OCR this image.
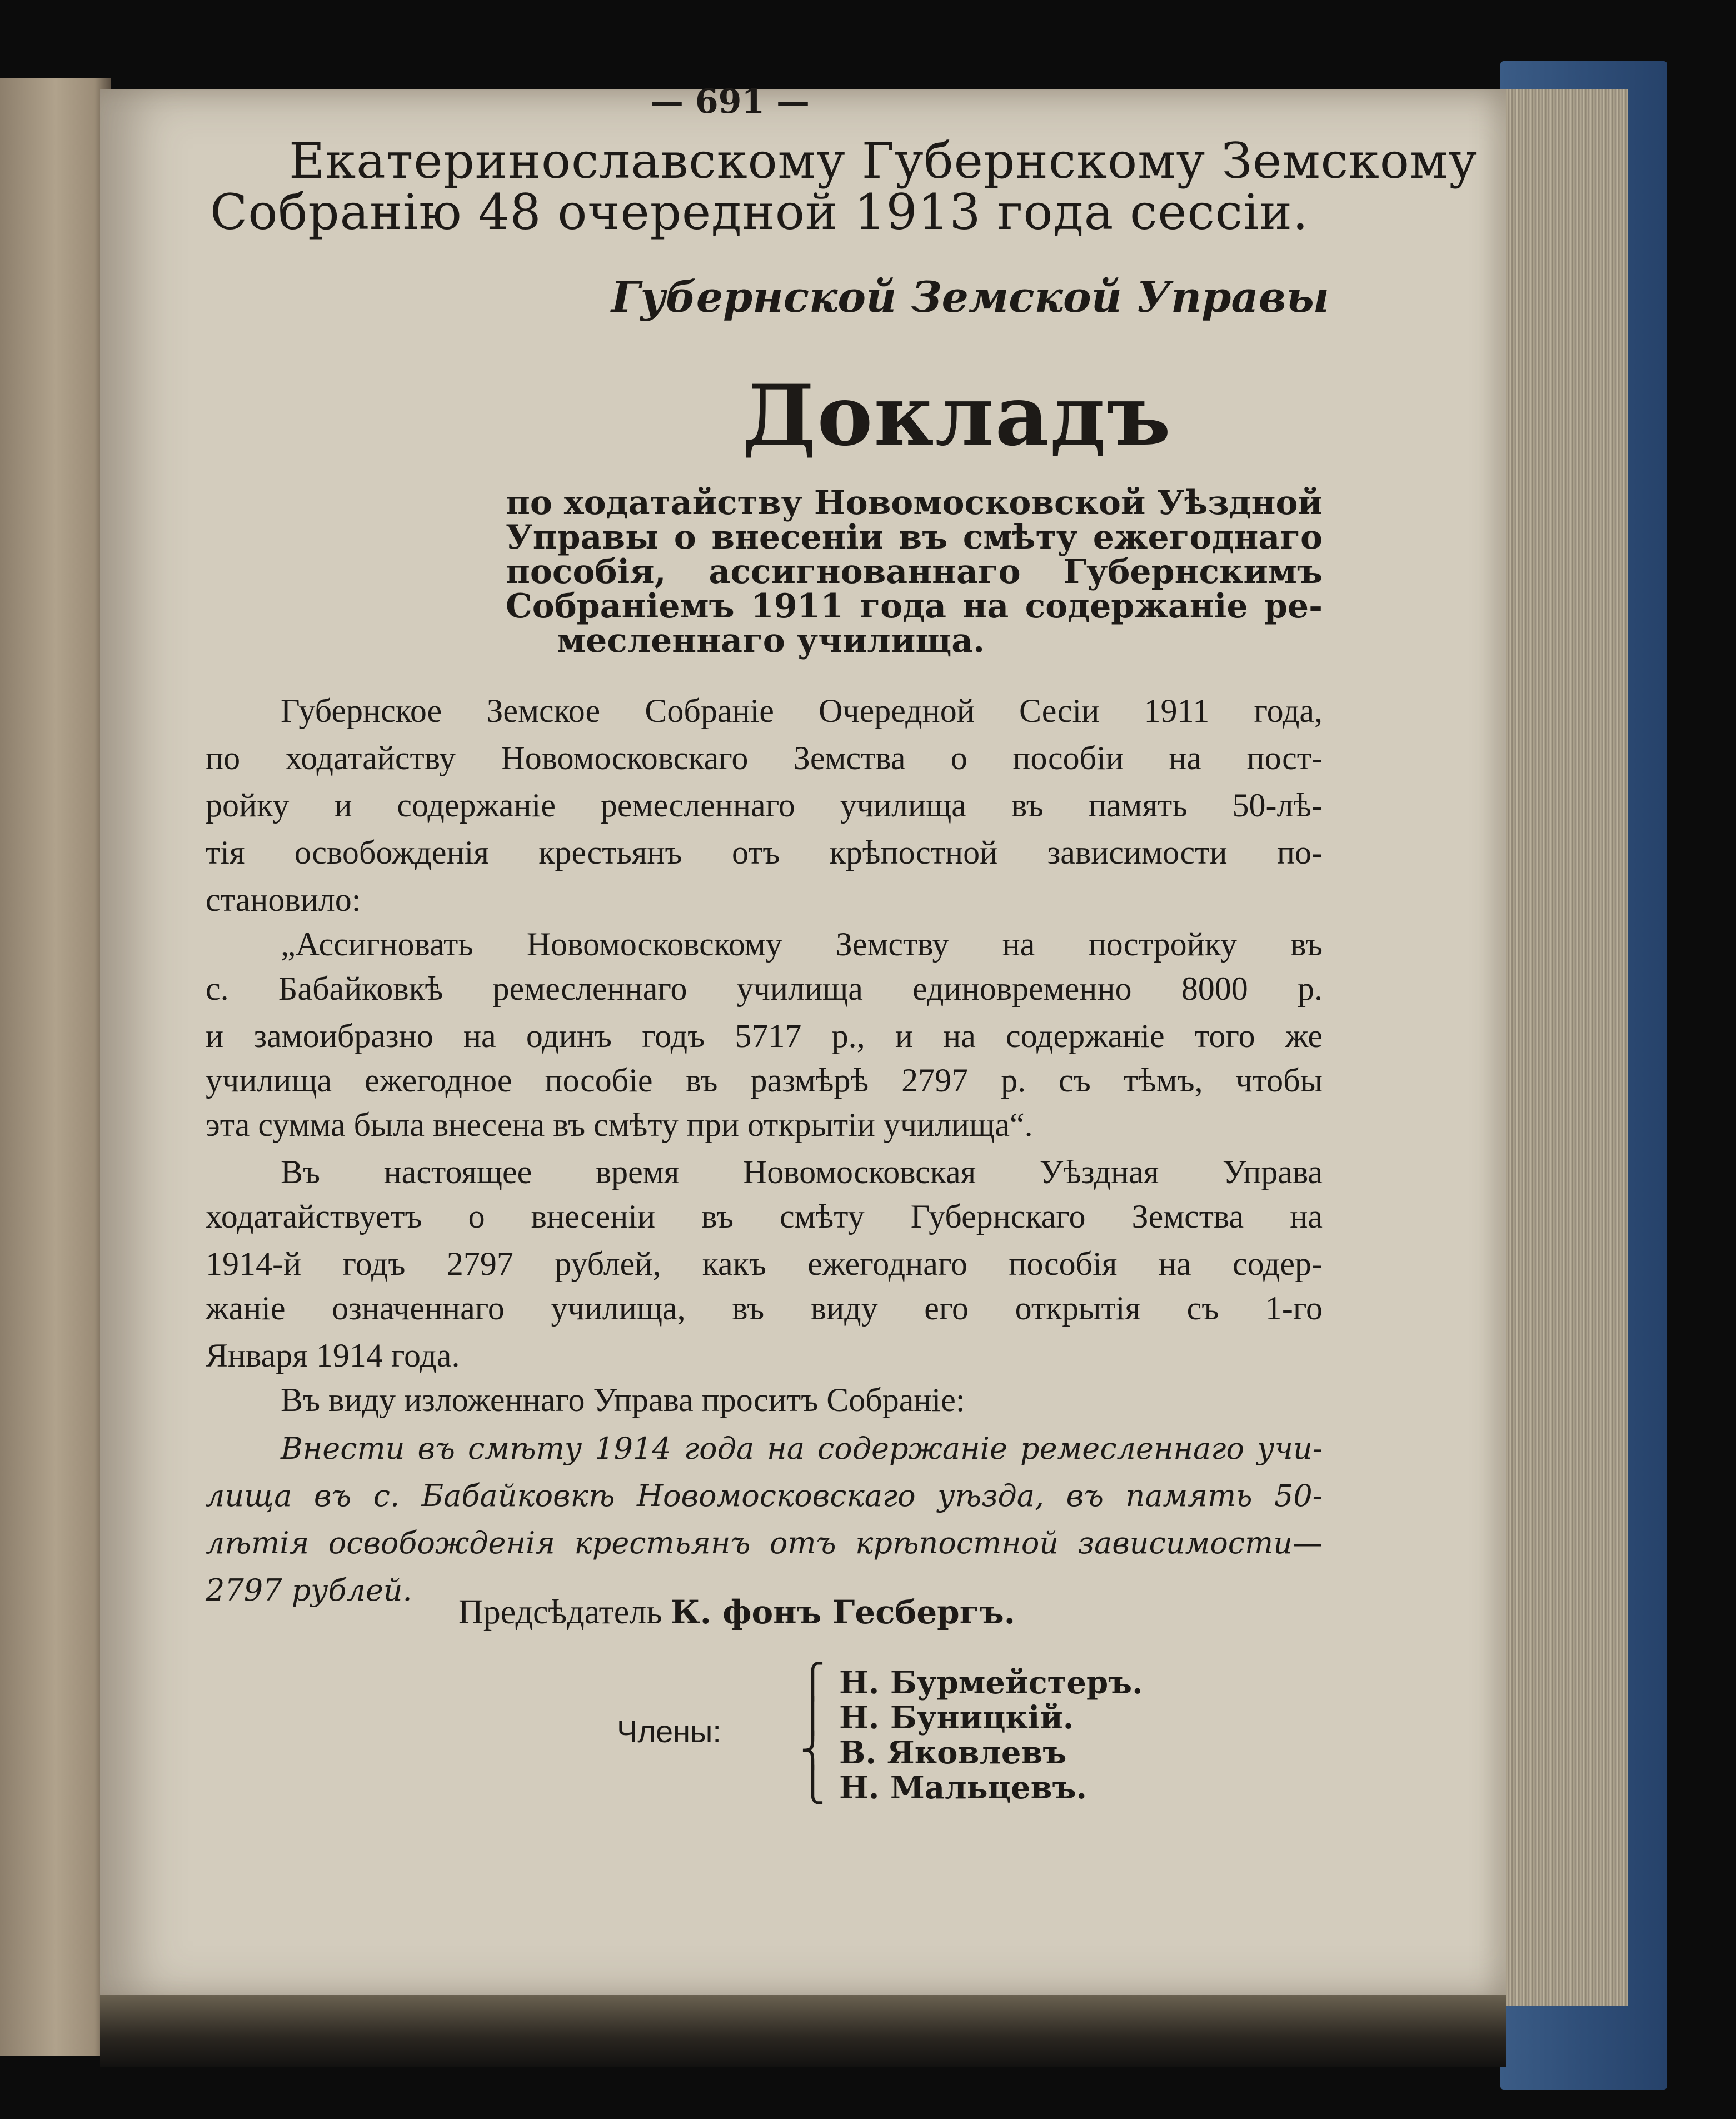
— 691 —

Екатеринославскому Губернскому Земскому

Собранію 48 очередной 1913 года сессіи.

Губернской Земской Управы

Докладъ

по ходатайству Новомосковской Уѣздной

Управы о внесеніи въ смѣту ежегоднаго

пособія, ассигнованнаго Губернскимъ

Собраніемъ 1911 года на содержаніе ре-

месленнаго училища.

Губернское Земское Собраніе Очередной Сесіи 1911 года,

по ходатайству Новомосковскаго Земства о пособіи на пост-

ройку и содержаніе ремесленнаго училища въ память 50-лѣ-

тія освобожденія крестьянъ отъ крѣпостной зависимости по-

становило:

„Ассигновать Новомосковскому Земству на постройку въ

с. Бабайковкѣ ремесленнаго училища единовременно 8000 р.

и замоибразно на одинъ годъ 5717 р., и на содержаніе того же

училища ежегодное пособіе въ размѣрѣ 2797 р. съ тѣмъ, чтобы

эта сумма была внесена въ смѣту при открытіи училища“.

Въ настоящее время Новомосковская Уѣздная Управа

ходатайствуетъ о внесеніи въ смѣту Губернскаго Земства на

1914-й годъ 2797 рублей, какъ ежегоднаго пособія на содер-

жаніе означеннаго училища, въ виду его открытія съ 1-го

Января 1914 года.

Въ виду изложеннаго Управа проситъ Собраніе:

Внести въ смѣту 1914 года на содержаніе ремесленнаго учи-

лища въ с. Бабайковкѣ Новомосковскаго уѣзда, въ память 50-

лѣтія освобожденія крестьянъ отъ крѣпостной зависимости—

2797 рублей.

Предсѣдатель К. фонъ Гесбергъ.

Члены:

⎧
⎪
⎨
⎩

Н. Бурмейстеръ.

Н. Буницкій.

В. Яковлевъ

Н. Мальцевъ.
